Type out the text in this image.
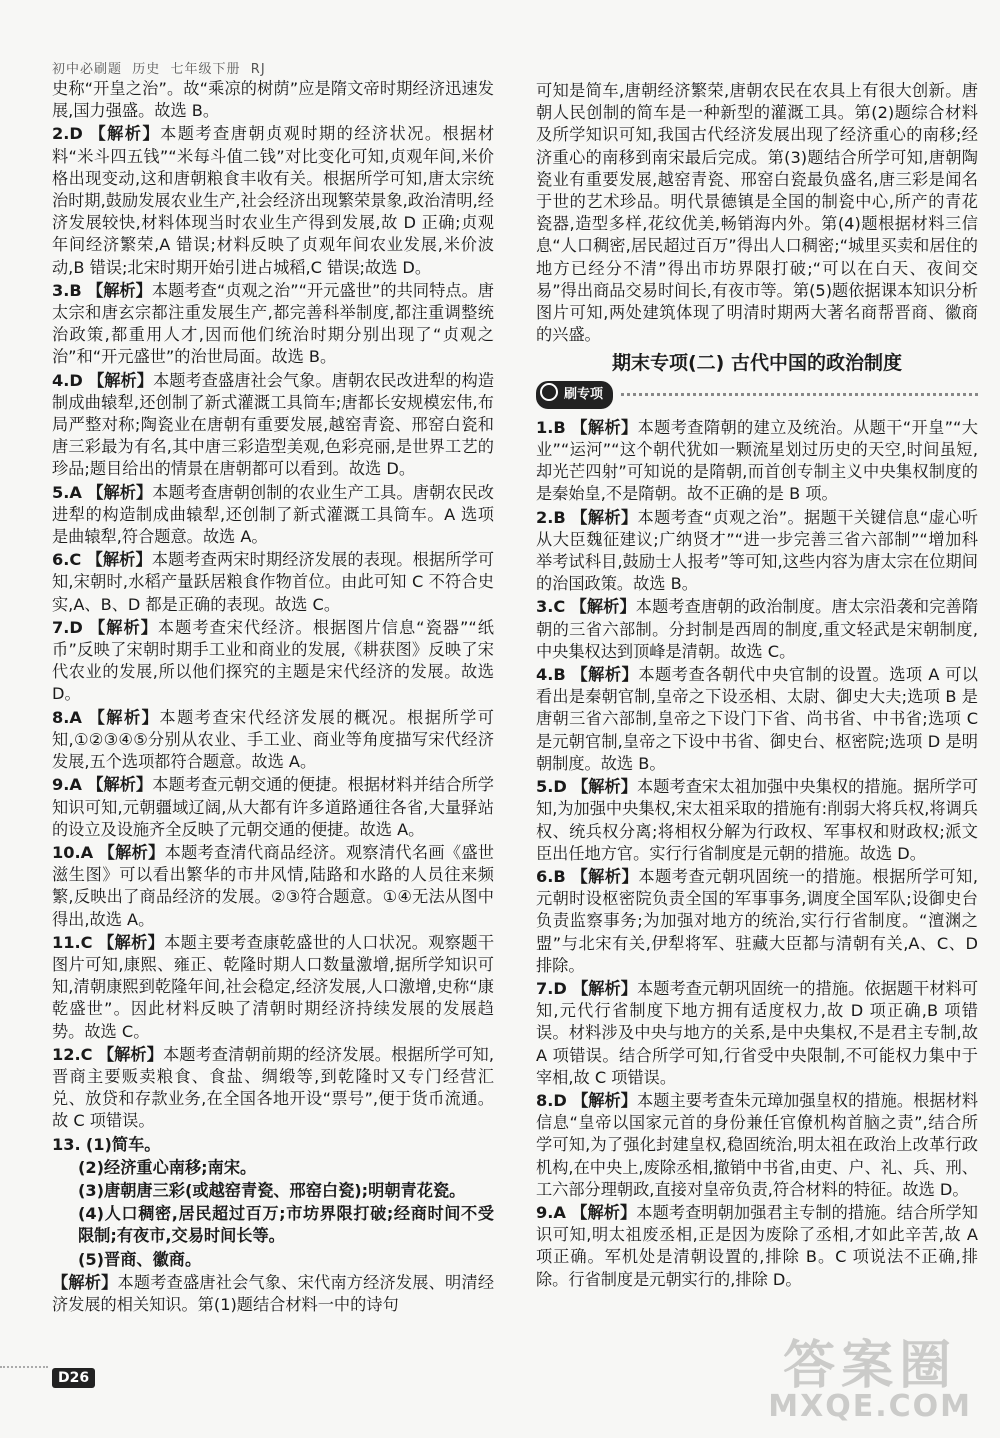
初中必刷题  历史  七年级下册  RJ

史称“开皇之治”。故“乘凉的树荫”应是隋文帝时期经济迅速发展,国力强盛。故选 B。

2.D 【解析】本题考查唐朝贞观时期的经济状况。根据材料“米斗四五钱”“米每斗值二钱”对比变化可知,贞观年间,米价格出现变动,这和唐朝粮食丰收有关。根据所学可知,唐太宗统治时期,鼓励发展农业生产,社会经济出现繁荣景象,政治清明,经济发展较快,材料体现当时农业生产得到发展,故 D 正确;贞观年间经济繁荣,A 错误;材料反映了贞观年间农业发展,米价波动,B 错误;北宋时期开始引进占城稻,C 错误;故选 D。

3.B 【解析】本题考查“贞观之治”“开元盛世”的共同特点。唐太宗和唐玄宗都注重发展生产,都完善科举制度,都注重调整统治政策,都重用人才,因而他们统治时期分别出现了“贞观之治”和“开元盛世”的治世局面。故选 B。

4.D 【解析】本题考查盛唐社会气象。唐朝农民改进犁的构造制成曲辕犁,还创制了新式灌溉工具筒车;唐都长安规模宏伟,布局严整对称;陶瓷业在唐朝有重要发展,越窑青瓷、邢窑白瓷和唐三彩最为有名,其中唐三彩造型美观,色彩亮丽,是世界工艺的珍品;题目给出的情景在唐朝都可以看到。故选 D。

5.A 【解析】本题考查唐朝创制的农业生产工具。唐朝农民改进犁的构造制成曲辕犁,还创制了新式灌溉工具筒车。A 选项是曲辕犁,符合题意。故选 A。

6.C 【解析】本题考查两宋时期经济发展的表现。根据所学可知,宋朝时,水稻产量跃居粮食作物首位。由此可知 C 不符合史实,A、B、D 都是正确的表现。故选 C。

7.D 【解析】本题考查宋代经济。根据图片信息“瓷器”“纸币”反映了宋朝时期手工业和商业的发展,《耕获图》反映了宋代农业的发展,所以他们探究的主题是宋代经济的发展。故选 D。

8.A 【解析】本题考查宋代经济发展的概况。根据所学可知,①②③④⑤分别从农业、手工业、商业等角度描写宋代经济发展,五个选项都符合题意。故选 A。

9.A 【解析】本题考查元朝交通的便捷。根据材料并结合所学知识可知,元朝疆域辽阔,从大都有许多道路通往各省,大量驿站的设立及设施齐全反映了元朝交通的便捷。故选 A。

10.A 【解析】本题考查清代商品经济。观察清代名画《盛世滋生图》可以看出繁华的市井风情,陆路和水路的人员往来频繁,反映出了商品经济的发展。②③符合题意。①④无法从图中得出,故选 A。

11.C 【解析】本题主要考查康乾盛世的人口状况。观察题干图片可知,康熙、雍正、乾隆时期人口数量激增,据所学知识可知,清朝康熙到乾隆年间,社会稳定,经济发展,人口激增,史称“康乾盛世”。因此材料反映了清朝时期经济持续发展的发展趋势。故选 C。

12.C 【解析】本题考查清朝前期的经济发展。根据所学可知,晋商主要贩卖粮食、食盐、绸缎等,到乾隆时又专门经营汇兑、放贷和存款业务,在全国各地开设“票号”,便于货币流通。故 C 项错误。

13. (1)简车。

(2)经济重心南移;南宋。

(3)唐朝唐三彩(或越窑青瓷、邢窑白瓷);明朝青花瓷。

(4)人口稠密,居民超过百万;市坊界限打破;经商时间不受限制;有夜市,交易时间长等。

(5)晋商、徽商。

【解析】本题考查盛唐社会气象、宋代南方经济发展、明清经济发展的相关知识。第(1)题结合材料一中的诗句

可知是简车,唐朝经济繁荣,唐朝农民在农具上有很大创新。唐朝人民创制的简车是一种新型的灌溉工具。第(2)题综合材料及所学知识可知,我国古代经济发展出现了经济重心的南移;经济重心的南移到南宋最后完成。第(3)题结合所学可知,唐朝陶瓷业有重要发展,越窑青瓷、邢窑白瓷最负盛名,唐三彩是闻名于世的艺术珍品。明代景德镇是全国的制瓷中心,所产的青花瓷器,造型多样,花纹优美,畅销海内外。第(4)题根据材料三信息“人口稠密,居民超过百万”得出人口稠密;“城里买卖和居住的地方已经分不清”得出市坊界限打破;“可以在白天、夜间交易”得出商品交易时间长,有夜市等。第(5)题依据课本知识分析图片可知,两处建筑体现了明清时期两大著名商帮晋商、徽商的兴盛。

期末专项(二) 古代中国的政治制度
刷专项

1.B 【解析】本题考查隋朝的建立及统治。从题干“开皇”“大业”“运河”“这个朝代犹如一颗流星划过历史的天空,时间虽短,却光芒四射”可知说的是隋朝,而首创专制主义中央集权制度的是秦始皇,不是隋朝。故不正确的是 B 项。

2.B 【解析】本题考查“贞观之治”。据题干关键信息“虚心听从大臣魏征建议;广纳贤才”“进一步完善三省六部制”“增加科举考试科目,鼓励士人报考”等可知,这些内容为唐太宗在位期间的治国政策。故选 B。

3.C 【解析】本题考查唐朝的政治制度。唐太宗沿袭和完善隋朝的三省六部制。分封制是西周的制度,重文轻武是宋朝制度,中央集权达到顶峰是清朝。故选 C。

4.B 【解析】本题考查各朝代中央官制的设置。选项 A 可以看出是秦朝官制,皇帝之下设丞相、太尉、御史大夫;选项 B 是唐朝三省六部制,皇帝之下设门下省、尚书省、中书省;选项 C 是元朝官制,皇帝之下设中书省、御史台、枢密院;选项 D 是明朝制度。故选 B。

5.D 【解析】本题考查宋太祖加强中央集权的措施。据所学可知,为加强中央集权,宋太祖采取的措施有:削弱大将兵权,将调兵权、统兵权分离;将相权分解为行政权、军事权和财政权;派文臣出任地方官。实行行省制度是元朝的措施。故选 D。

6.B 【解析】本题考查元朝巩固统一的措施。根据所学可知,元朝时设枢密院负责全国的军事事务,调度全国军队;设御史台负责监察事务;为加强对地方的统治,实行行省制度。“澶渊之盟”与北宋有关,伊犁将军、驻藏大臣都与清朝有关,A、C、D 排除。

7.D 【解析】本题考查元朝巩固统一的措施。依据题干材料可知,元代行省制度下地方拥有适度权力,故 D 项正确,B 项错误。材料涉及中央与地方的关系,是中央集权,不是君主专制,故 A 项错误。结合所学可知,行省受中央限制,不可能权力集中于宰相,故 C 项错误。

8.D 【解析】本题主要考查朱元璋加强皇权的措施。根据材料信息“皇帝以国家元首的身份兼任官僚机构首脑之责”,结合所学可知,为了强化封建皇权,稳固统治,明太祖在政治上改革行政机构,在中央上,废除丞相,撤销中书省,由吏、户、礼、兵、刑、工六部分理朝政,直接对皇帝负责,符合材料的特征。故选 D。

9.A 【解析】本题考查明朝加强君主专制的措施。结合所学知识可知,明太祖废丞相,正是因为废除了丞相,才如此辛苦,故 A 项正确。军机处是清朝设置的,排除 B。C 项说法不正确,排除。行省制度是元朝实行的,排除 D。

D26	答案圈
MXQE.COM
